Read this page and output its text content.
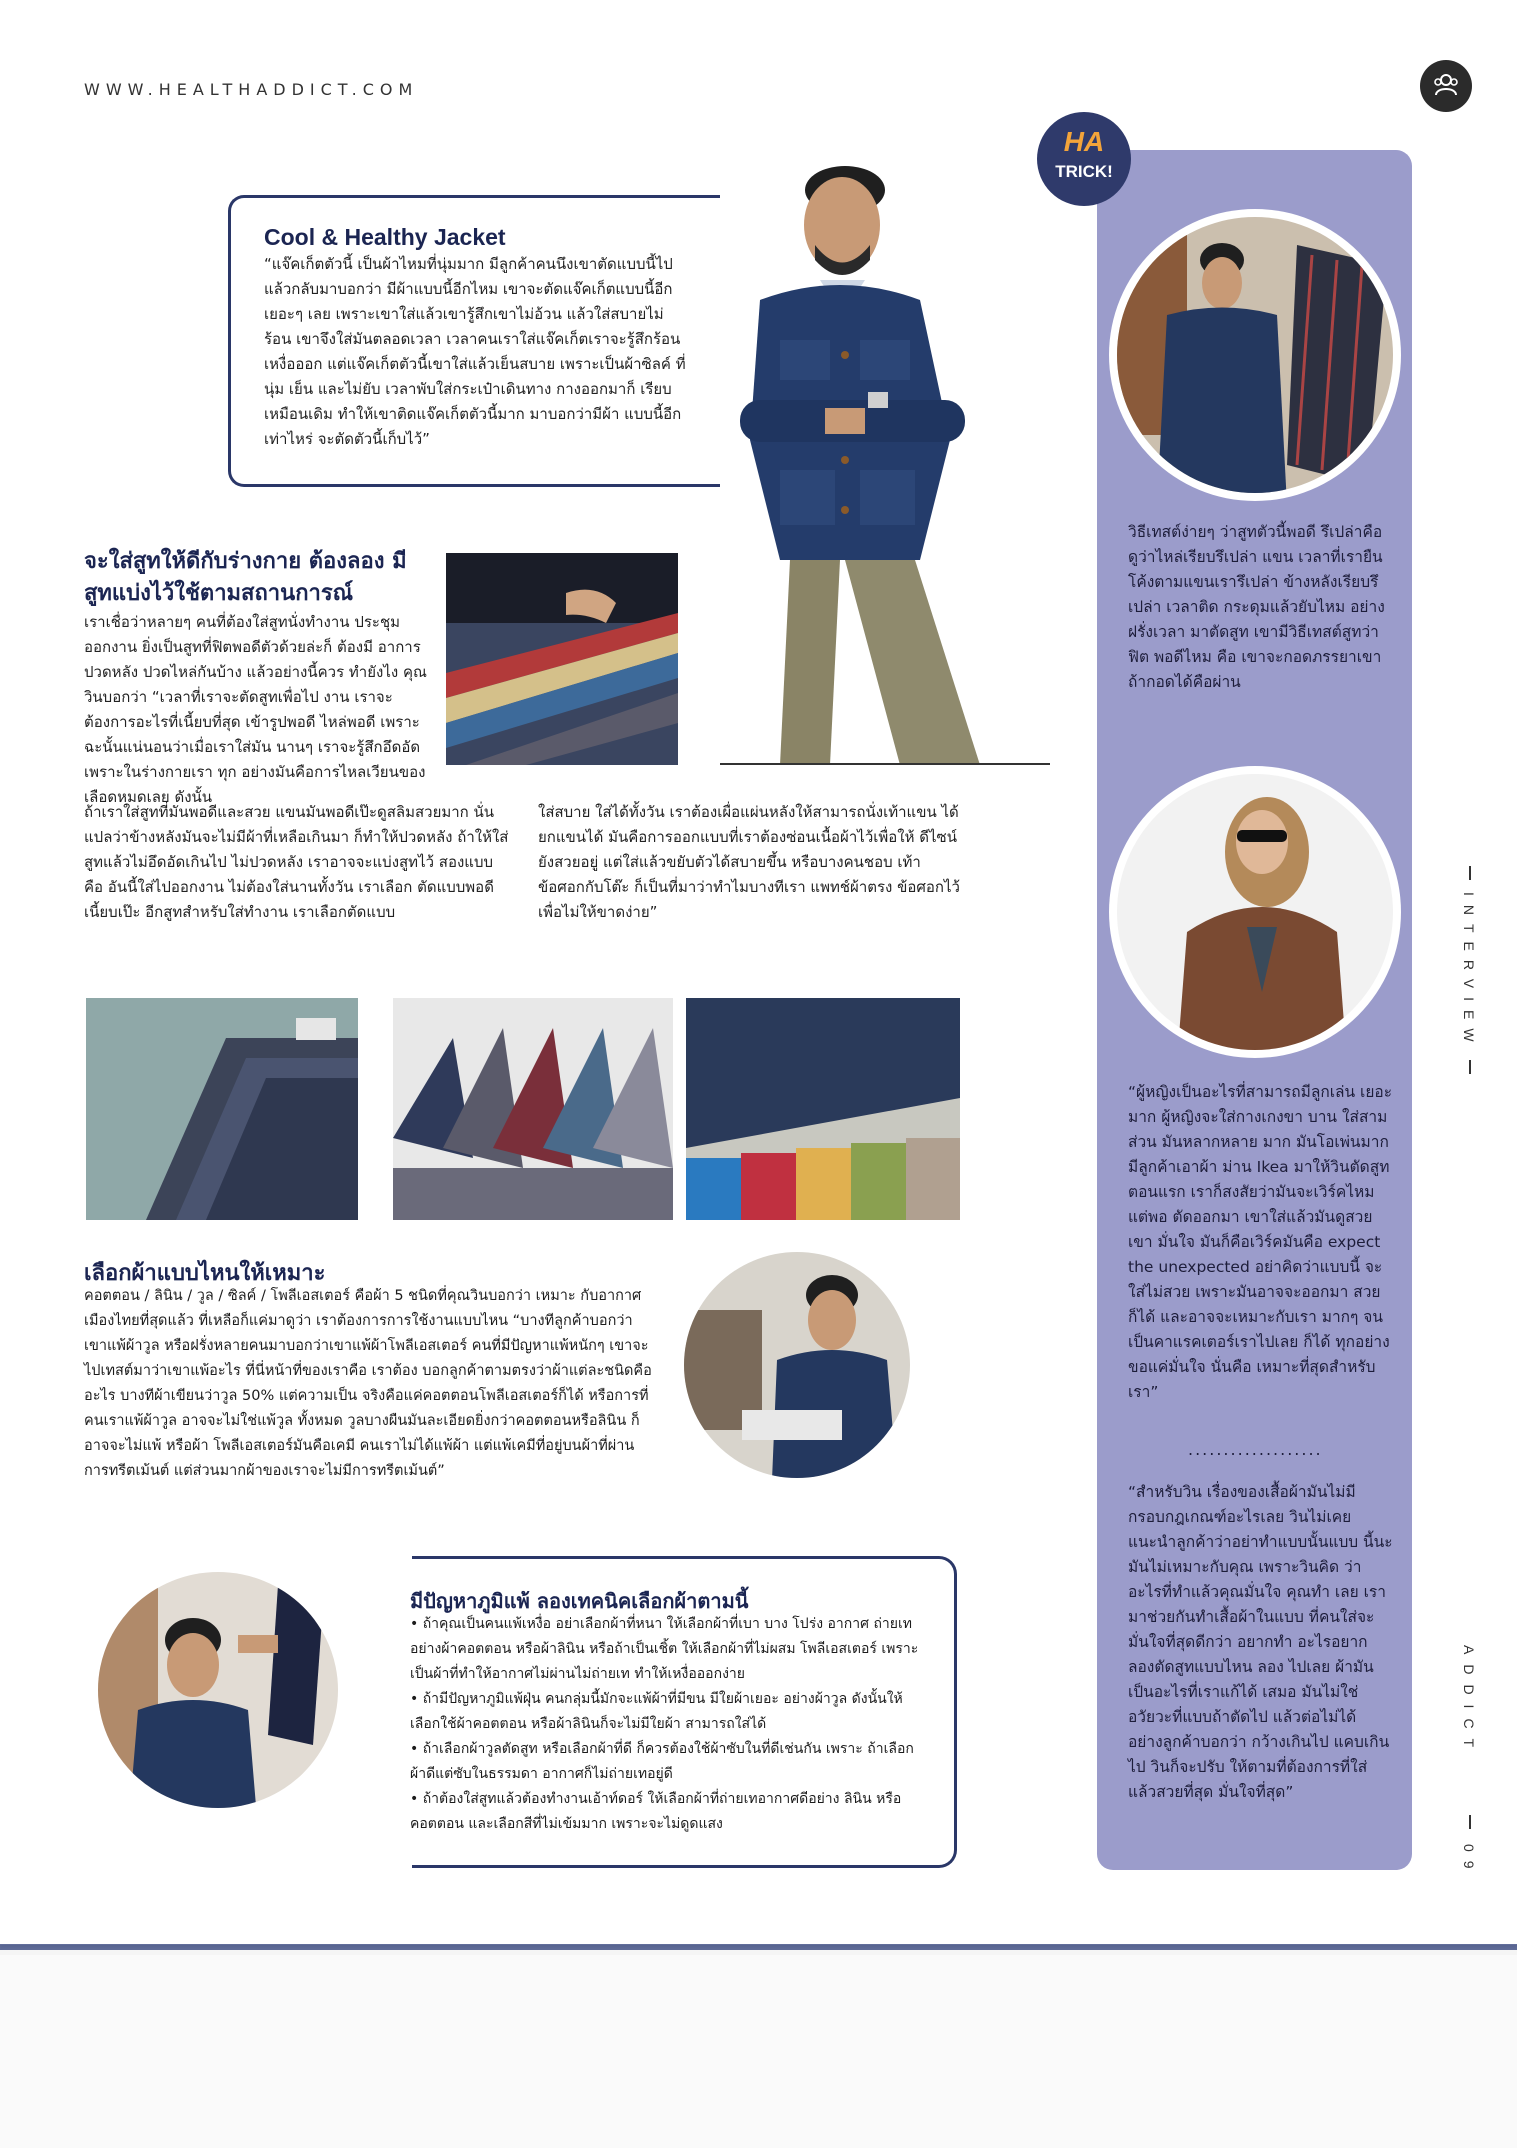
WWW.HEALTHADDICT.COM
Cool & Healthy Jacket
“แจ๊คเก็ตตัวนี้ เป็นผ้าไหมที่นุ่มมาก มีลูกค้าคนนึงเขาตัดแบบนี้ไป แล้วกลับมาบอกว่า มีผ้าแบบนี้อีกไหม เขาจะตัดแจ๊คเก็ตแบบนี้อีก เยอะๆ เลย เพราะเขาใส่แล้วเขารู้สึกเขาไม่อ้วน แล้วใส่สบายไม่ ร้อน เขาจึงใส่มันตลอดเวลา เวลาคนเราใส่แจ๊คเก็ตเราจะรู้สึกร้อน เหงื่อออก แต่แจ๊คเก็ตตัวนี้เขาใส่แล้วเย็นสบาย เพราะเป็นผ้าซิลค์ ที่นุ่ม เย็น และไม่ยับ เวลาพับใส่กระเป๋าเดินทาง กางออกมาก็ เรียบเหมือนเดิม ทำให้เขาติดแจ๊คเก็ตตัวนี้มาก มาบอกว่ามีผ้า แบบนี้อีกเท่าไหร่ จะตัดตัวนี้เก็บไว้”
จะใส่สูทให้ดีกับร่างกาย ต้องลอง มีสูทแบ่งไว้ใช้ตามสถานการณ์
เราเชื่อว่าหลายๆ คนที่ต้องใส่สูทนั่งทำงาน ประชุม ออกงาน ยิ่งเป็นสูทที่ฟิตพอดีตัวด้วยล่ะก็ ต้องมี อาการปวดหลัง ปวดไหล่กันบ้าง แล้วอย่างนี้ควร ทำยังไง คุณวินบอกว่า “เวลาที่เราจะตัดสูทเพื่อไป งาน เราจะต้องการอะไรที่เนี้ยบที่สุด เข้ารูปพอดี ไหล่พอดี เพราะฉะนั้นแน่นอนว่าเมื่อเราใส่มัน นานๆ เราจะรู้สึกอึดอัด เพราะในร่างกายเรา ทุก อย่างมันคือการไหลเวียนของเลือดหมดเลย ดังนั้น
ถ้าเราใส่สูทที่มันพอดีและสวย แขนมันพอดีเป๊ะดูสลิมสวยมาก นั่นแปลว่าข้างหลังมันจะไม่มีผ้าที่เหลือเกินมา ก็ทำให้ปวดหลัง ถ้าให้ใส่สูทแล้วไม่อึดอัดเกินไป ไม่ปวดหลัง เราอาจจะแบ่งสูทไว้ สองแบบ คือ อันนี้ใส่ไปออกงาน ไม่ต้องใส่นานทั้งวัน เราเลือก ตัดแบบพอดี เนี้ยบเป๊ะ อีกสูทสำหรับใส่ทำงาน เราเลือกตัดแบบ
ใส่สบาย ใส่ได้ทั้งวัน เราต้องเผื่อแผ่นหลังให้สามารถนั่งเท้าแขน ได้ ยกแขนได้ มันคือการออกแบบที่เราต้องซ่อนเนื้อผ้าไว้เพื่อให้ ดีไซน์ยังสวยอยู่ แต่ใส่แล้วขยับตัวได้สบายขึ้น หรือบางคนชอบ เท้าข้อศอกกับโต๊ะ ก็เป็นที่มาว่าทำไมบางทีเรา แพทช์ผ้าตรง ข้อศอกไว้ เพื่อไม่ให้ขาดง่าย”
เลือกผ้าแบบไหนให้เหมาะ
คอตตอน / ลินิน / วูล / ซิลค์ / โพลีเอสเตอร์ คือผ้า 5 ชนิดที่คุณวินบอกว่า เหมาะ กับอากาศเมืองไทยที่สุดแล้ว ที่เหลือก็แค่มาดูว่า เราต้องการการใช้งานแบบไหน “บางทีลูกค้าบอกว่าเขาแพ้ผ้าวูล หรือฝรั่งหลายคนมาบอกว่าเขาแพ้ผ้าโพลีเอสเตอร์ คนที่มีปัญหาแพ้หนักๆ เขาจะไปเทสต์มาว่าเขาแพ้อะไร ที่นี่หน้าที่ของเราคือ เราต้อง บอกลูกค้าตามตรงว่าผ้าแต่ละชนิดคืออะไร บางทีผ้าเขียนว่าวูล 50% แต่ความเป็น จริงคือแค่คอตตอนโพลีเอสเตอร์ก็ได้ หรือการที่คนเราแพ้ผ้าวูล อาจจะไม่ใช่แพ้วูล ทั้งหมด วูลบางผืนมันละเอียดยิ่งกว่าคอตตอนหรือลินิน ก็อาจจะไม่แพ้ หรือผ้า โพลีเอสเตอร์มันคือเคมี คนเราไม่ได้แพ้ผ้า แต่แพ้เคมีที่อยู่บนผ้าที่ผ่านการทรีตเม้นต์ แต่ส่วนมากผ้าของเราจะไม่มีการทรีตเม้นต์”
มีปัญหาภูมิแพ้ ลองเทคนิคเลือกผ้าตามนี้
• ถ้าคุณเป็นคนแพ้เหงื่อ อย่าเลือกผ้าที่หนา ให้เลือกผ้าที่เบา บาง โปร่ง อากาศ ถ่ายเท อย่างผ้าคอตตอน หรือผ้าลินิน หรือถ้าเป็นเชิ้ต ให้เลือกผ้าที่ไม่ผสม โพลีเอสเตอร์ เพราะเป็นผ้าที่ทำให้อากาศไม่ผ่านไม่ถ่ายเท ทำให้เหงื่อออกง่าย
• ถ้ามีปัญหาภูมิแพ้ฝุ่น คนกลุ่มนี้มักจะแพ้ผ้าที่มีขน มีใยผ้าเยอะ อย่างผ้าวูล ดังนั้นให้เลือกใช้ผ้าคอตตอน หรือผ้าลินินก็จะไม่มีใยผ้า สามารถใส่ได้
• ถ้าเลือกผ้าวูลตัดสูท หรือเลือกผ้าที่ดี ก็ควรต้องใช้ผ้าซับในที่ดีเช่นกัน เพราะ ถ้าเลือกผ้าดีแต่ซับในธรรมดา อากาศก็ไม่ถ่ายเทอยู่ดี
• ถ้าต้องใส่สูทแล้วต้องทำงานเอ้าท์ดอร์ ให้เลือกผ้าที่ถ่ายเทอากาศดีอย่าง ลินิน หรือคอตตอน และเลือกสีที่ไม่เข้มมาก เพราะจะไม่ดูดแสง
HA
TRICK!
วิธีเทสต์ง่ายๆ ว่าสูทตัวนี้พอดี รึเปล่าคือ ดูว่าไหล่เรียบรึเปล่า แขน เวลาที่เรายืน โค้งตามแขนเรารึเปล่า ข้างหลังเรียบรึเปล่า เวลาติด กระดุมแล้วยับไหม อย่างฝรั่งเวลา มาตัดสูท เขามีวิธีเทสต์สูทว่าฟิต พอดีไหม คือ เขาจะกอดภรรยาเขา ถ้ากอดได้คือผ่าน
“ผู้หญิงเป็นอะไรที่สามารถมีลูกเล่น เยอะมาก ผู้หญิงจะใส่กางเกงขา บาน ใส่สามส่วน มันหลากหลาย มาก มันโอเพ่นมาก มีลูกค้าเอาผ้า ม่าน Ikea มาให้วินตัดสูท ตอนแรก เราก็สงสัยว่ามันจะเวิร์คไหม แต่พอ ตัดออกมา เขาใส่แล้วมันดูสวย เขา มั่นใจ มันก็คือเวิร์คมันคือ expect the unexpected อย่าคิดว่าแบบนี้ จะใส่ไม่สวย เพราะมันอาจจะออกมา สวยก็ได้ และอาจจะเหมาะกับเรา มากๆ จนเป็นคาแรคเตอร์เราไปเลย ก็ได้ ทุกอย่างขอแค่มั่นใจ นั่นคือ เหมาะที่สุดสำหรับเรา”
...................
“สำหรับวิน เรื่องของเสื้อผ้ามันไม่มี กรอบกฎเกณฑ์อะไรเลย วินไม่เคย แนะนำลูกค้าว่าอย่าทำแบบนั้นแบบ นี้นะมันไม่เหมาะกับคุณ เพราะวินคิด ว่าอะไรที่ทำแล้วคุณมั่นใจ คุณทำ เลย เรามาช่วยกันทำเสื้อผ้าในแบบ ที่คนใส่จะมั่นใจที่สุดดีกว่า อยากทำ อะไรอยากลองตัดสูทแบบไหน ลอง ไปเลย ผ้ามันเป็นอะไรที่เราแก้ได้ เสมอ มันไม่ใช่อวัยวะที่แบบถ้าตัดไป แล้วต่อไม่ได้ อย่างลูกค้าบอกว่า กว้างเกินไป แคบเกินไป วินก็จะปรับ ให้ตามที่ต้องการที่ใส่แล้วสวยที่สุด มั่นใจที่สุด”
INTERVIEW
ADDICT
09
